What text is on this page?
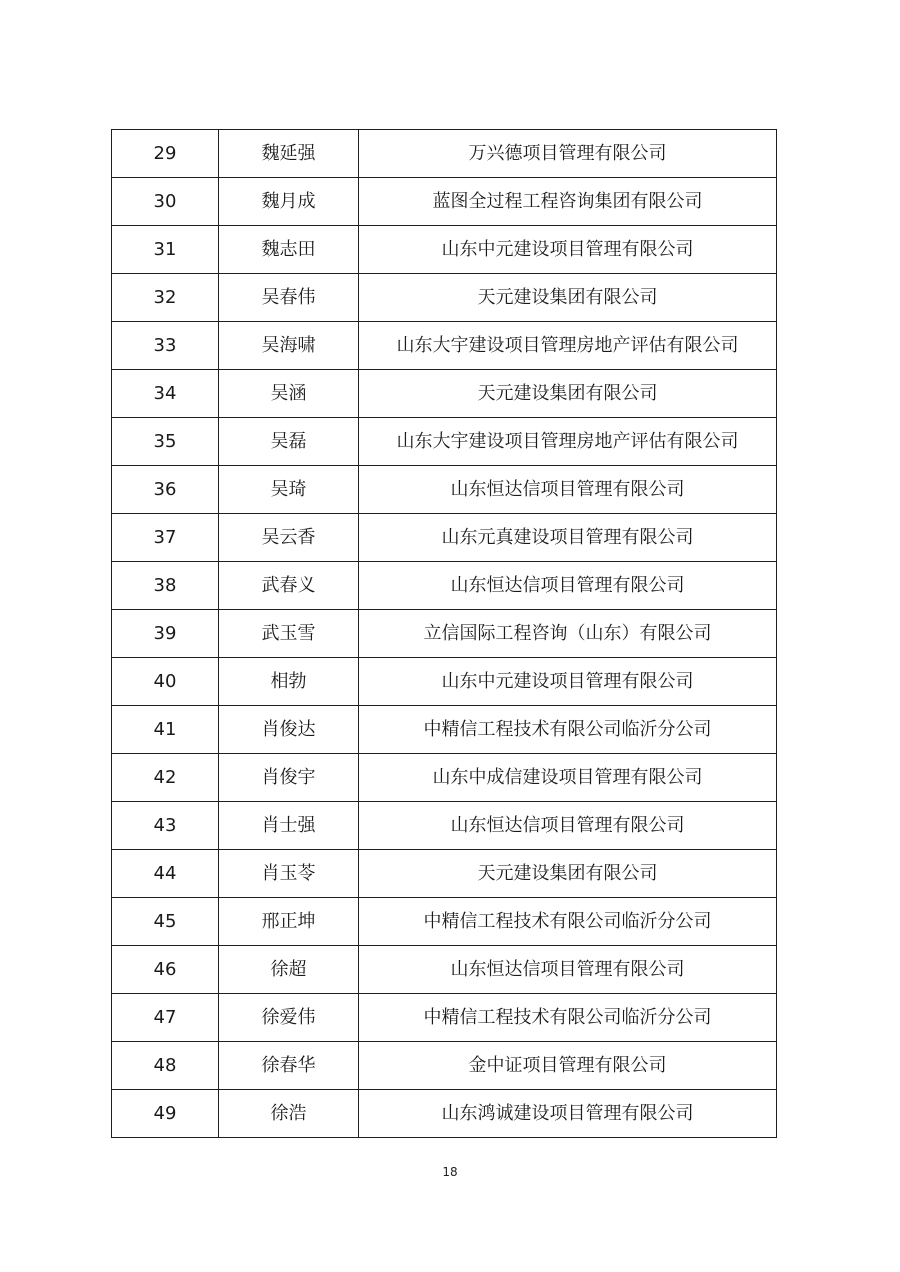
29	魏延强	万兴德项目管理有限公司
30	魏月成	蓝图全过程工程咨询集团有限公司
31	魏志田	山东中元建设项目管理有限公司
32	吴春伟	天元建设集团有限公司
33	吴海啸	山东大宇建设项目管理房地产评估有限公司
34	吴涵	天元建设集团有限公司
35	吴磊	山东大宇建设项目管理房地产评估有限公司
36	吴琦	山东恒达信项目管理有限公司
37	吴云香	山东元真建设项目管理有限公司
38	武春义	山东恒达信项目管理有限公司
39	武玉雪	立信国际工程咨询（山东）有限公司
40	相勃	山东中元建设项目管理有限公司
41	肖俊达	中精信工程技术有限公司临沂分公司
42	肖俊宇	山东中成信建设项目管理有限公司
43	肖士强	山东恒达信项目管理有限公司
44	肖玉苓	天元建设集团有限公司
45	邢正坤	中精信工程技术有限公司临沂分公司
46	徐超	山东恒达信项目管理有限公司
47	徐爱伟	中精信工程技术有限公司临沂分公司
48	徐春华	金中证项目管理有限公司
49	徐浩	山东鸿诚建设项目管理有限公司
18
